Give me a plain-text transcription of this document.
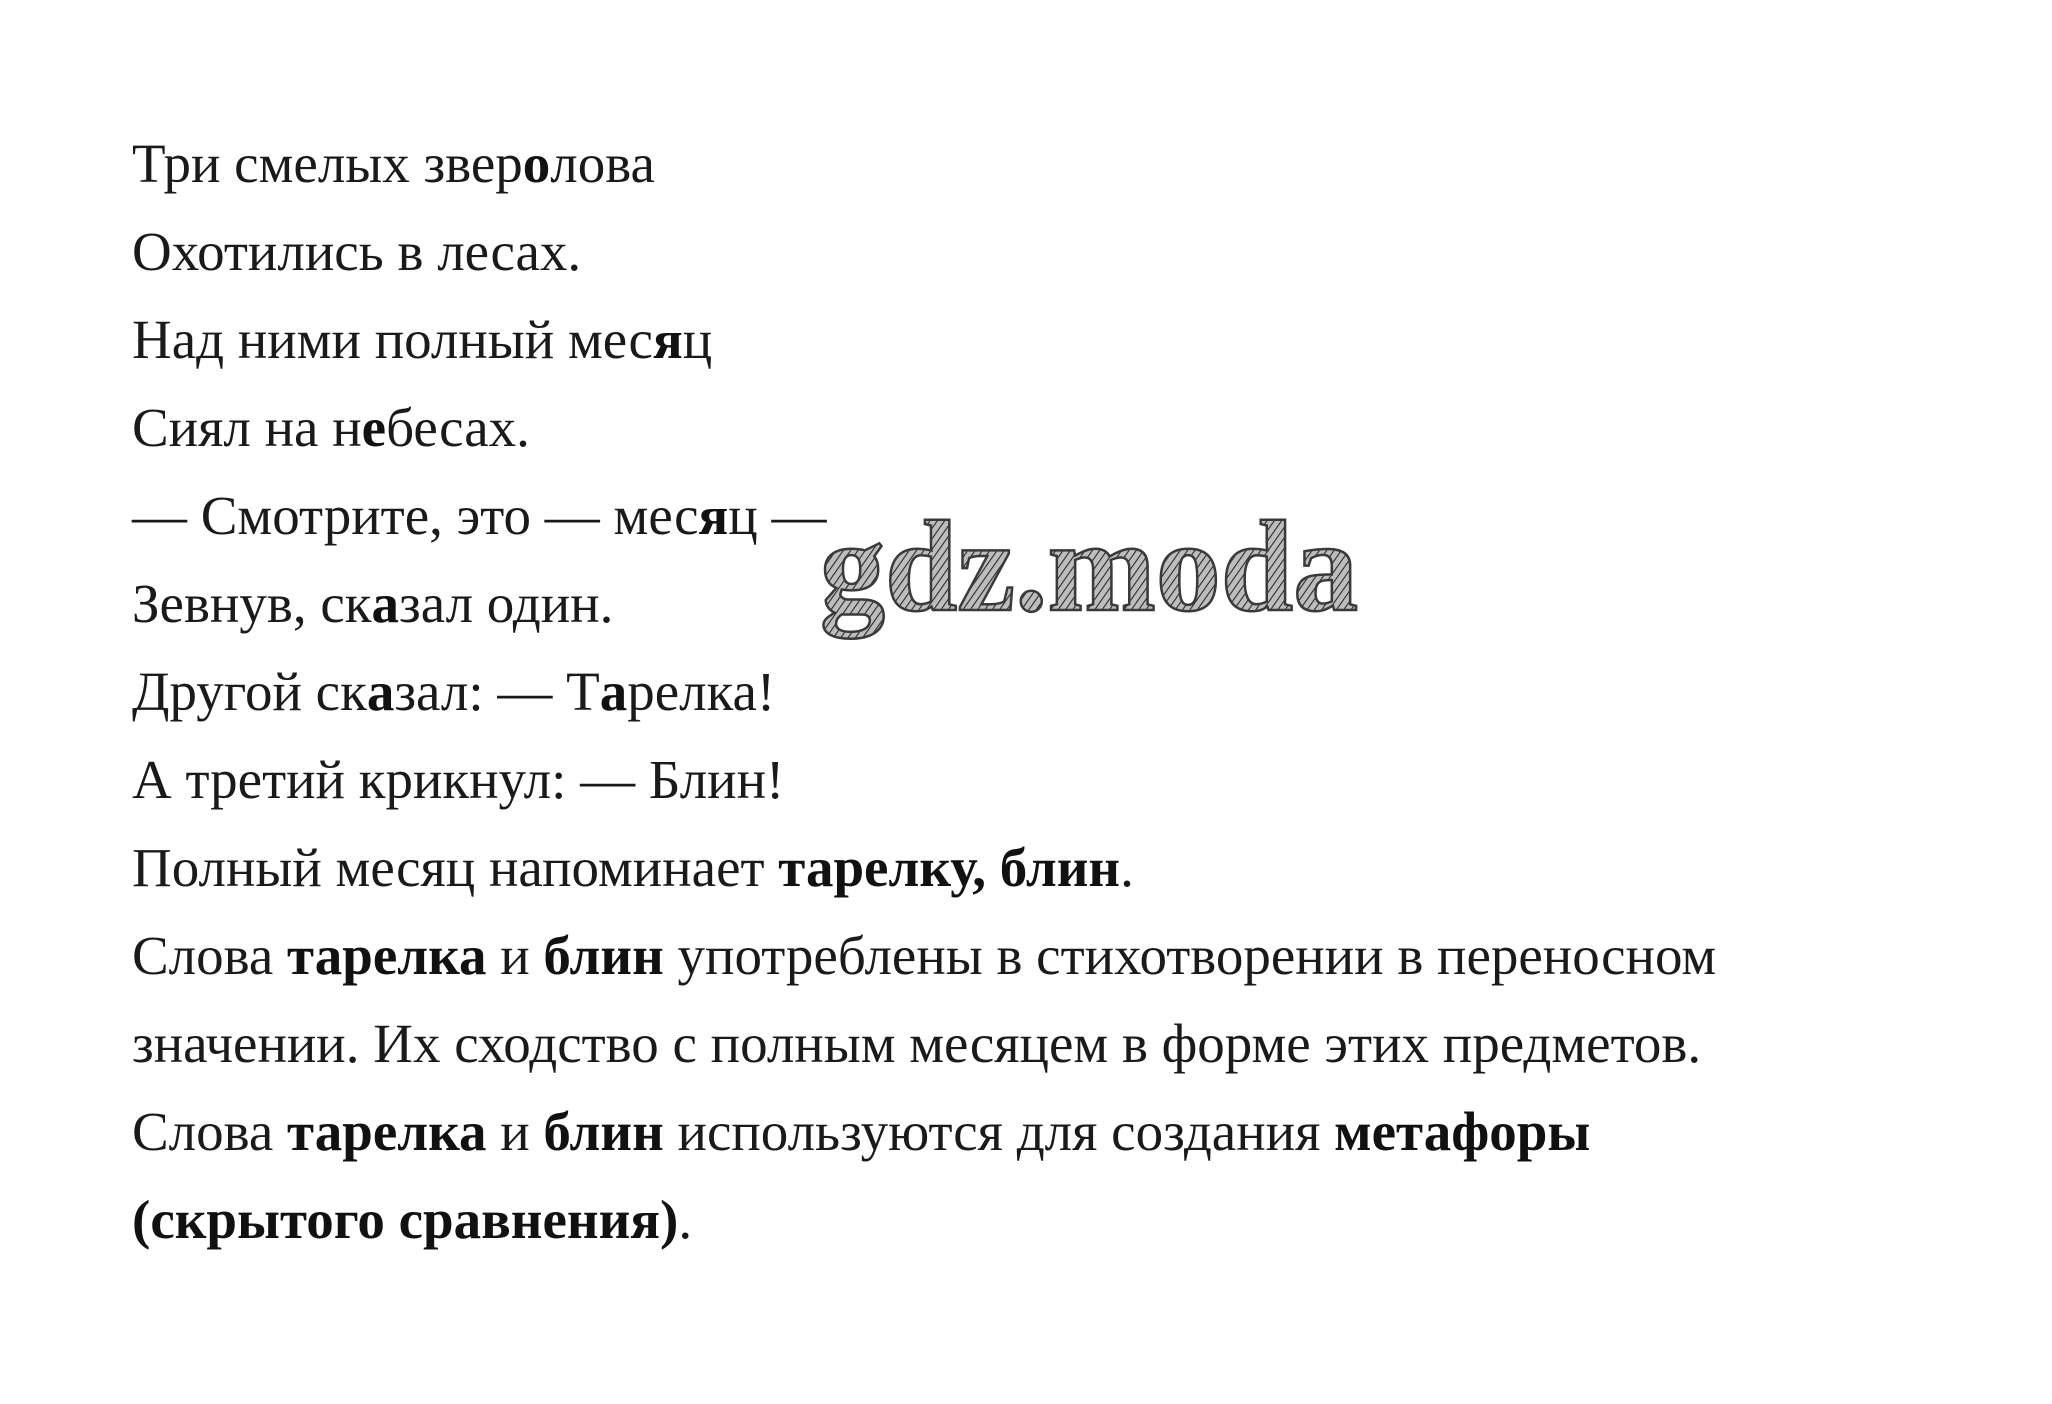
Три смелых зверолова
Охотились в лесах.
Над ними полный месяц
Сиял на небесах.
— Смотрите, это — месяц —
Зевнув, сказал один.
Другой сказал: — Тарелка!
А третий крикнул: — Блин!
Полный месяц напоминает тарелку, блин.
Слова тарелка и блин употреблены в стихотворении в переносном
значении. Их сходство с полным месяцем в форме этих предметов.
Слова тарелка и блин используются для создания метафоры
(скрытого сравнения).
gdz.moda
